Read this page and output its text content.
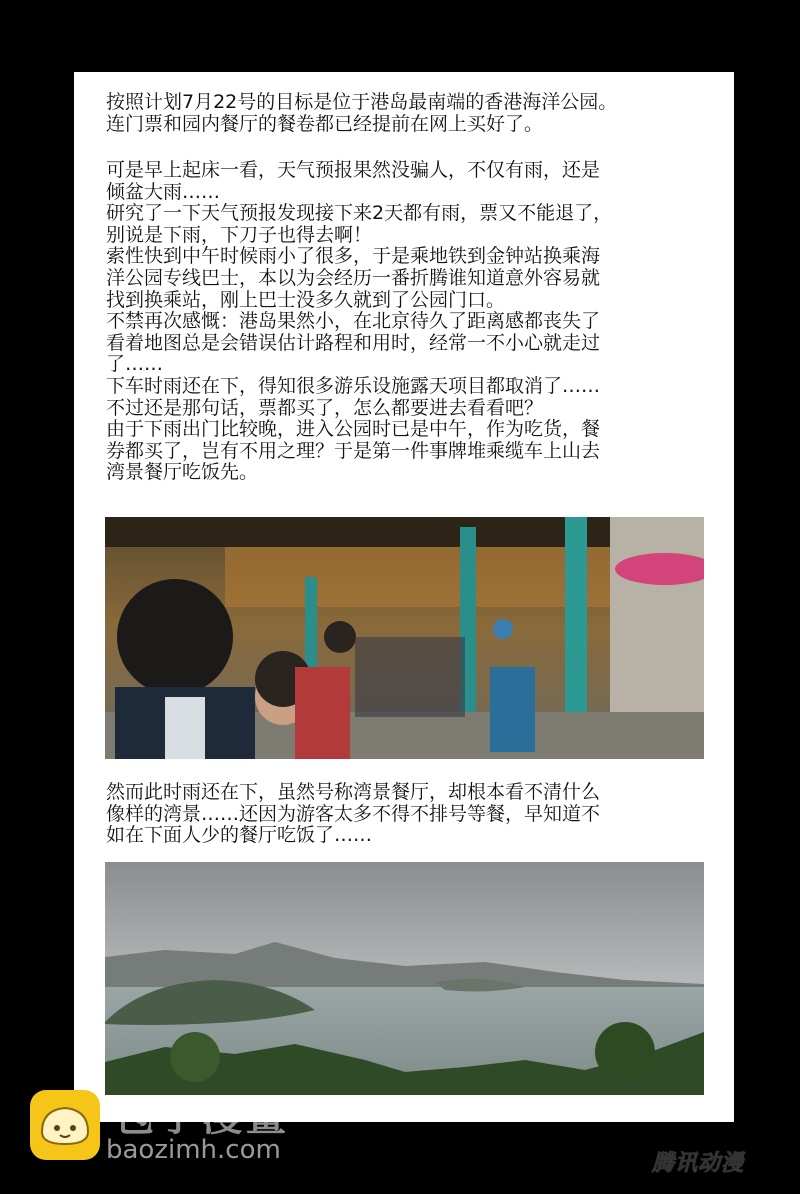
按照计划7月22号的目标是位于港岛最南端的香港海洋公园。
连门票和园内餐厅的餐卷都已经提前在网上买好了。
可是早上起床一看，天气预报果然没骗人，不仅有雨，还是
倾盆大雨……
研究了一下天气预报发现接下来2天都有雨，票又不能退了，
别说是下雨，下刀子也得去啊！
索性快到中午时候雨小了很多，于是乘地铁到金钟站换乘海
洋公园专线巴士，本以为会经历一番折腾谁知道意外容易就
找到换乘站，刚上巴士没多久就到了公园门口。
不禁再次感慨：港岛果然小，在北京待久了距离感都丧失了
看着地图总是会错误估计路程和用时，经常一不小心就走过
了……
下车时雨还在下，得知很多游乐设施露天项目都取消了……
不过还是那句话，票都买了，怎么都要进去看看吧？
由于下雨出门比较晚，进入公园时已是中午，作为吃货，餐
券都买了，岂有不用之理？于是第一件事牌堆乘缆车上山去
湾景餐厅吃饭先。
然而此时雨还在下，虽然号称湾景餐厅，却根本看不清什么
像样的湾景……还因为游客太多不得不排号等餐，早知道不
如在下面人少的餐厅吃饭了……
包子漫畫
baozimh.com	腾讯动漫
